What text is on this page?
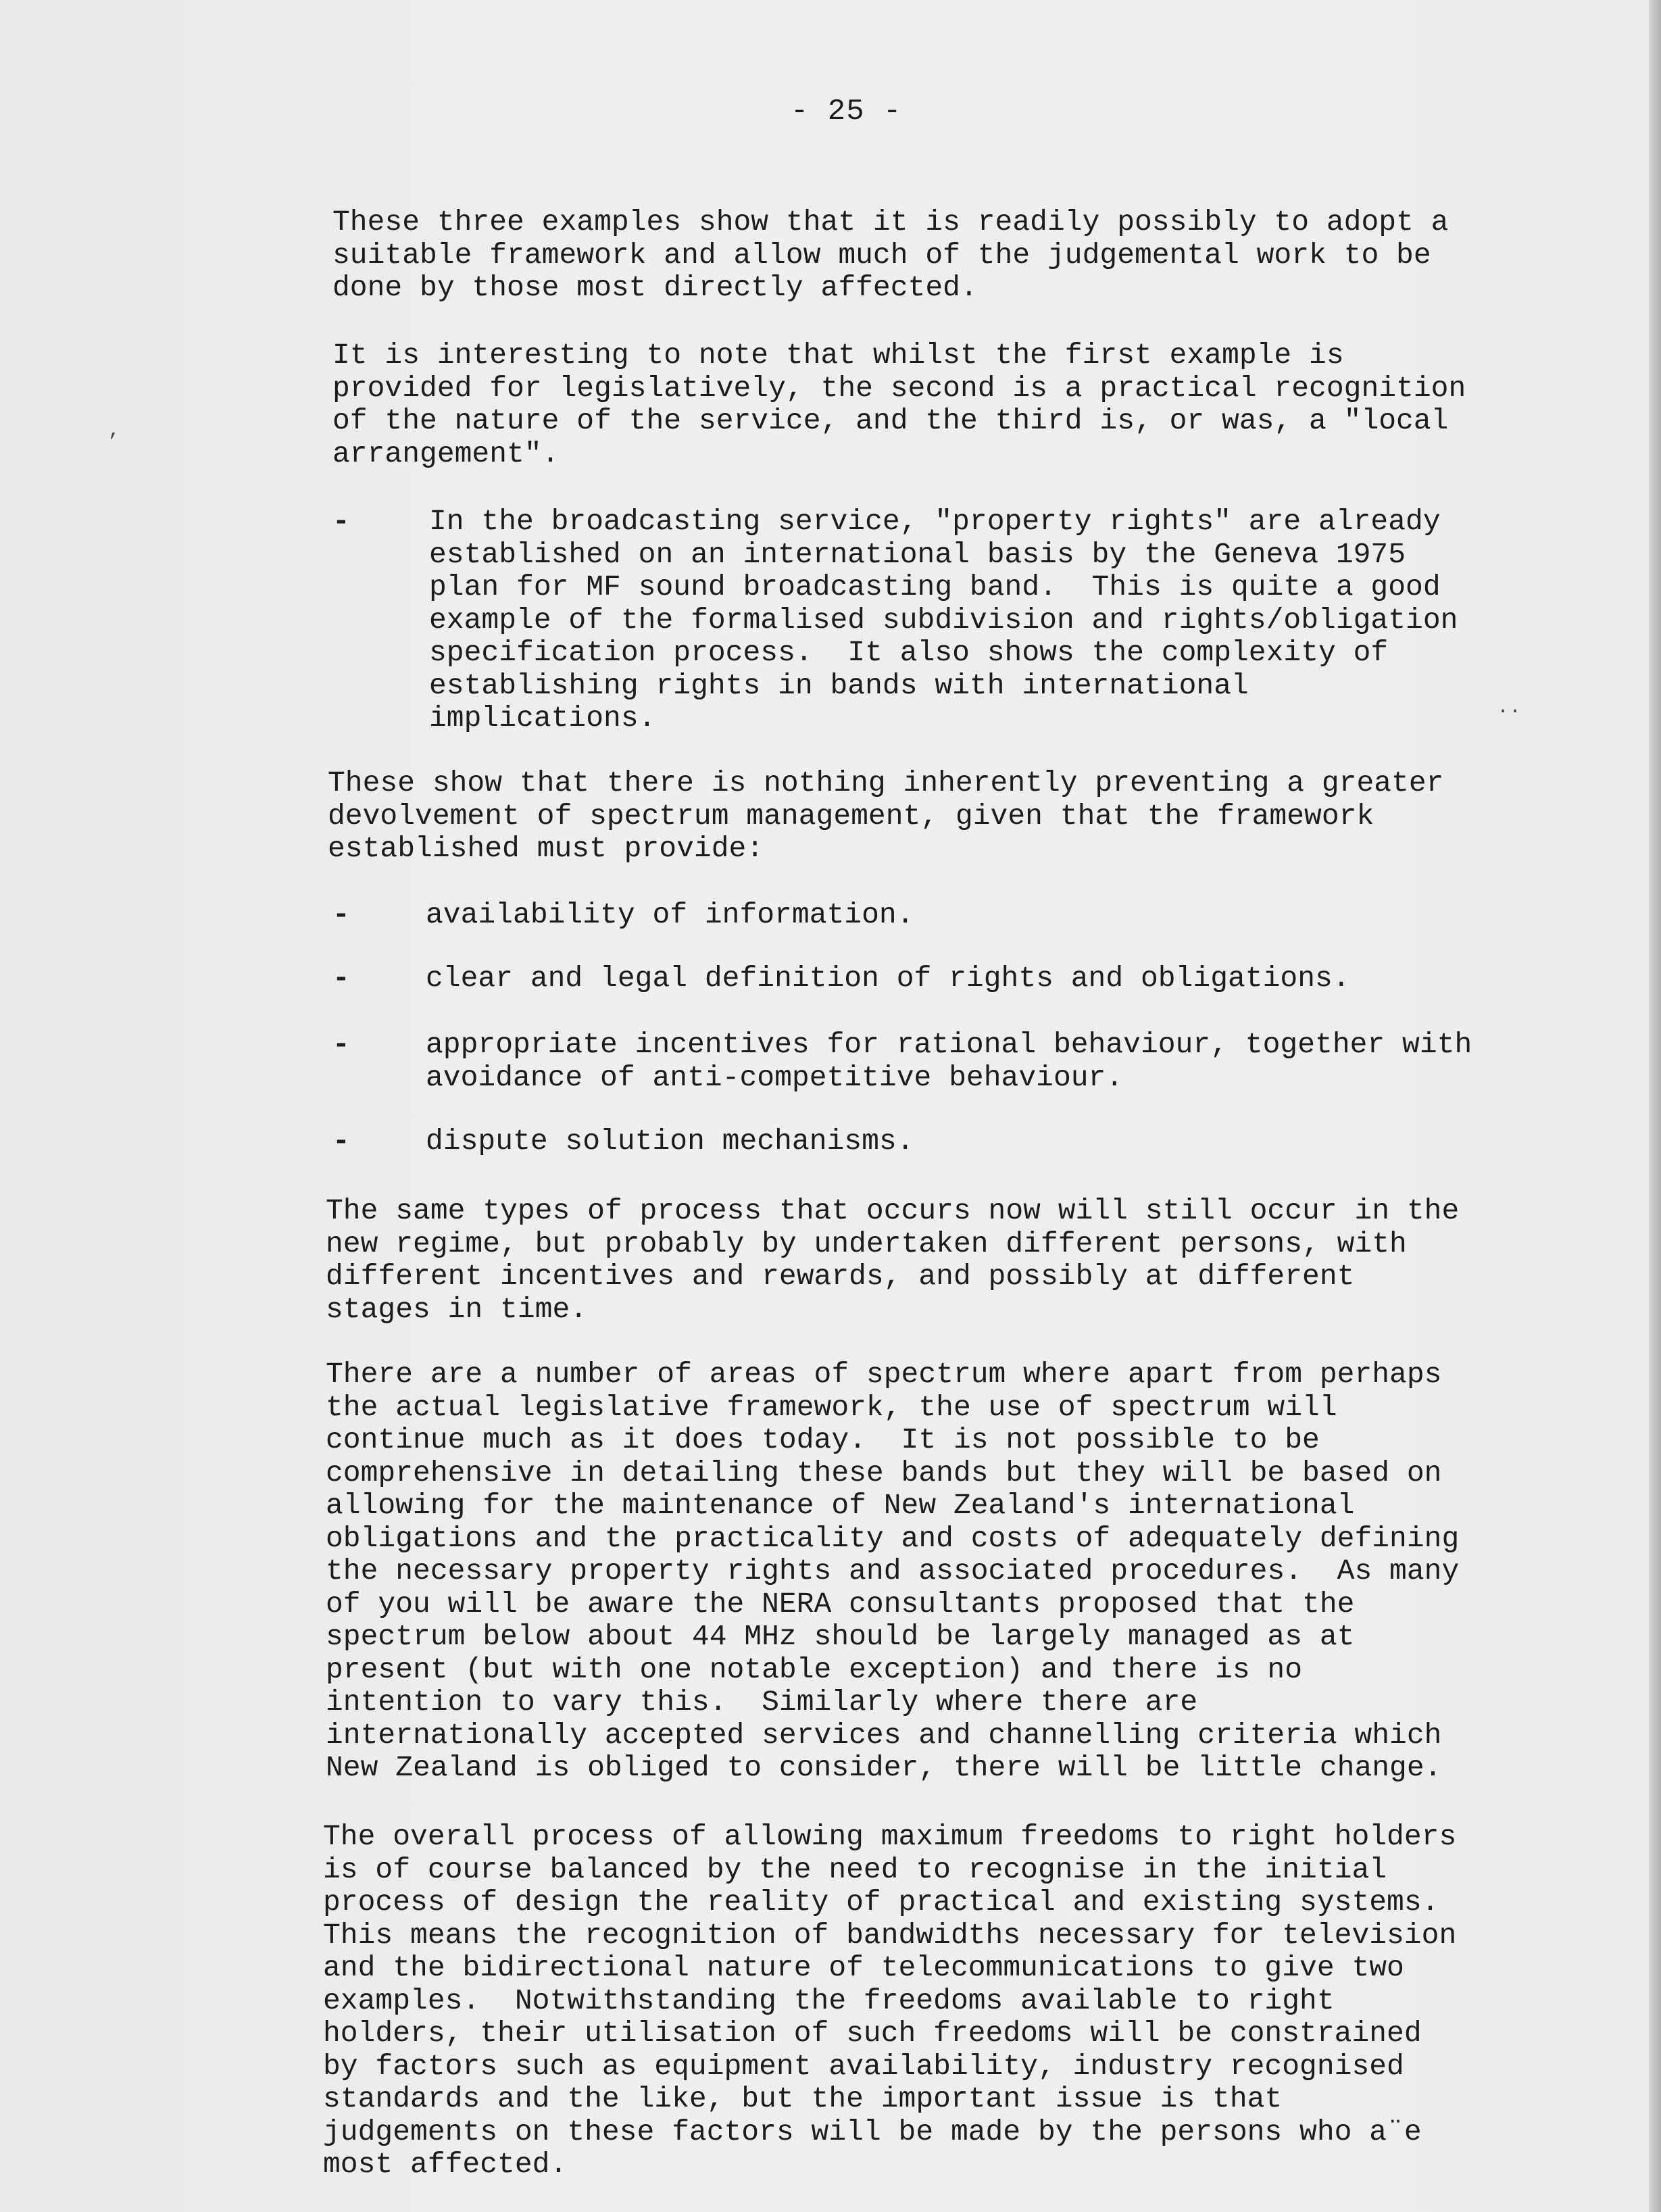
- 25 -

These three examples show that it is readily possibly to adopt a
suitable framework and allow much of the judgemental work to be
done by those most directly affected.

It is interesting to note that whilst the first example is
provided for legislatively, the second is a practical recognition
of the nature of the service, and the third is, or was, a "local
arrangement".

,
-	In the broadcasting service, "property rights" are already
established on an international basis by the Geneva 1975
plan for MF sound broadcasting band.  This is quite a good
example of the formalised subdivision and rights/obligation
specification process.  It also shows the complexity of
establishing rights in bands with international
implications.	..

These show that there is nothing inherently preventing a greater
devolvement of spectrum management, given that the framework
established must provide:

-	availability of information.

-	clear and legal definition of rights and obligations.

-	appropriate incentives for rational behaviour, together with
avoidance of anti-competitive behaviour.

-	dispute solution mechanisms.

The same types of process that occurs now will still occur in the
new regime, but probably by undertaken different persons, with
different incentives and rewards, and possibly at different
stages in time.

There are a number of areas of spectrum where apart from perhaps
the actual legislative framework, the use of spectrum will
continue much as it does today.  It is not possible to be
comprehensive in detailing these bands but they will be based on
allowing for the maintenance of New Zealand's international
obligations and the practicality and costs of adequately defining
the necessary property rights and associated procedures.  As many
of you will be aware the NERA consultants proposed that the
spectrum below about 44 MHz should be largely managed as at
present (but with one notable exception) and there is no
intention to vary this.  Similarly where there are
internationally accepted services and channelling criteria which
New Zealand is obliged to consider, there will be little change.

The overall process of allowing maximum freedoms to right holders
is of course balanced by the need to recognise in the initial
process of design the reality of practical and existing systems.
This means the recognition of bandwidths necessary for television
and the bidirectional nature of telecommunications to give two
examples.  Notwithstanding the freedoms available to right
holders, their utilisation of such freedoms will be constrained
by factors such as equipment availability, industry recognised
standards and the like, but the important issue is that
judgements on these factors will be made by the persons who a¨e
most affected.
